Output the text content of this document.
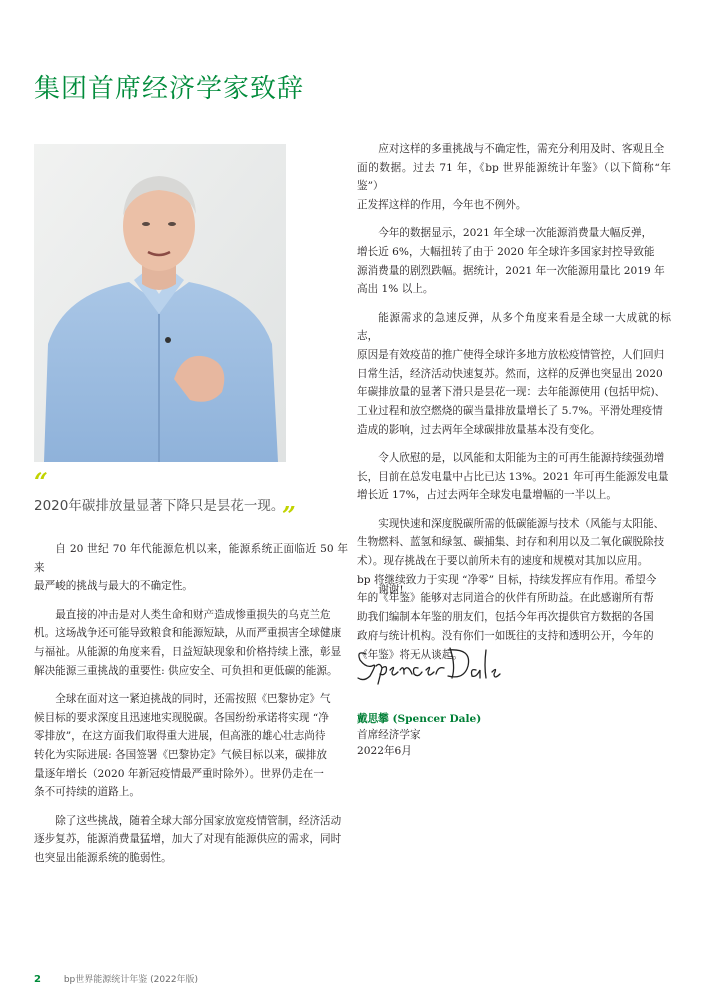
集团首席经济学家致辞
“

2020年碳排放量显著下降只是昙花一现。

”

自 20 世纪 70 年代能源危机以来，能源系统正面临近 50 年来
最严峻的挑战与最大的不确定性。

最直接的冲击是对人类生命和财产造成惨重损失的乌克兰危
机。这场战争还可能导致粮食和能源短缺，从而严重损害全球健康
与福祉。从能源的角度来看，日益短缺现象和价格持续上涨，彰显
解决能源三重挑战的重要性: 供应安全、可负担和更低碳的能源。

全球在面对这一紧迫挑战的同时，还需按照《巴黎协定》气
候目标的要求深度且迅速地实现脱碳。各国纷纷承诺将实现 “净
零排放”，在这方面我们取得重大进展，但高涨的雄心壮志尚待
转化为实际进展: 各国签署《巴黎协定》气候目标以来，碳排放
量逐年增长（2020 年新冠疫情最严重时除外）。世界仍走在一
条不可持续的道路上。

除了这些挑战，随着全球大部分国家放宽疫情管制，经济活动
逐步复苏，能源消费量猛增，加大了对现有能源供应的需求，同时
也突显出能源系统的脆弱性。

应对这样的多重挑战与不确定性，需充分利用及时、客观且全
面的数据。过去 71 年，《bp 世界能源统计年鉴》（以下简称“年鉴”）
正发挥这样的作用，今年也不例外。

今年的数据显示，2021 年全球一次能源消费量大幅反弹，
增长近 6%，大幅扭转了由于 2020 年全球许多国家封控导致能
源消费量的剧烈跌幅。据统计，2021 年一次能源用量比 2019 年
高出 1% 以上。

能源需求的急速反弹，从多个角度来看是全球一大成就的标志，
原因是有效疫苗的推广使得全球许多地方放松疫情管控，人们回归
日常生活，经济活动快速复苏。然而，这样的反弹也突显出 2020
年碳排放量的显著下滑只是昙花一现：去年能源使用 (包括甲烷)、
工业过程和放空燃烧的碳当量排放量增长了 5.7%。平滑处理疫情
造成的影响，过去两年全球碳排放量基本没有变化。

令人欣慰的是，以风能和太阳能为主的可再生能源持续强劲增
长，目前在总发电量中占比已达 13%。2021 年可再生能源发电量
增长近 17%，占过去两年全球发电量增幅的一半以上。

实现快速和深度脱碳所需的低碳能源与技术（风能与太阳能、
生物燃料、蓝氢和绿氢、碳捕集、封存和利用以及二氧化碳脱除技
术）。现存挑战在于要以前所未有的速度和规模对其加以应用。
bp 将继续致力于实现 “净零” 目标，持续发挥应有作用。希望今
年的《年鉴》能够对志同道合的伙伴有所助益。在此感谢所有帮
助我们编制本年鉴的朋友们，包括今年再次提供官方数据的各国
政府与统计机构。没有你们一如既往的支持和透明公开，今年的
《年鉴》将无从谈起。

谢谢!

戴思攀 (Spencer Dale)

首席经济学家

2022年6月

2	bp世界能源统计年鉴 (2022年版)
